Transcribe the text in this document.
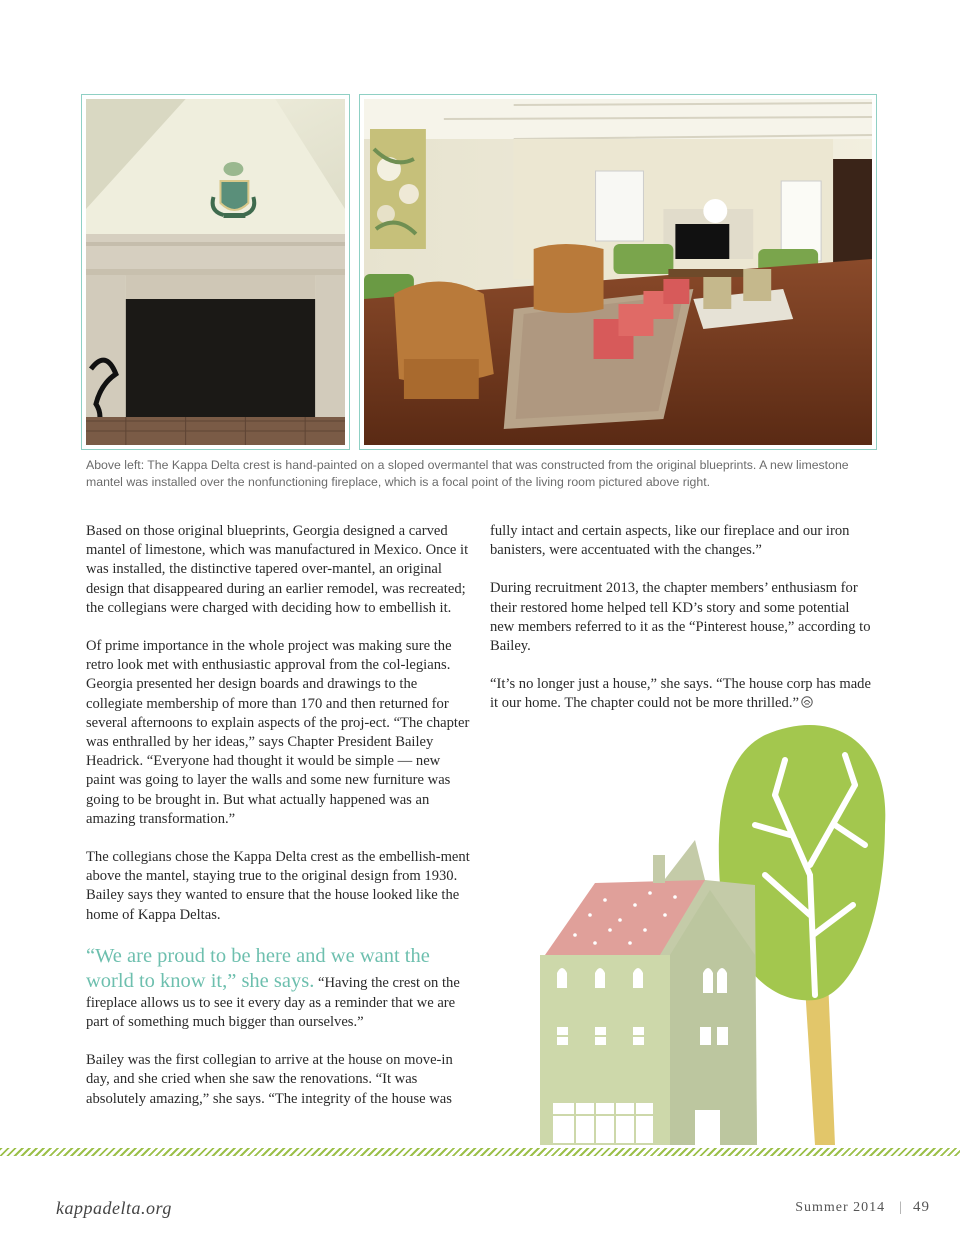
Above left: The Kappa Delta crest is hand-painted on a sloped overmantel that was constructed from the original blueprints. A new limestone mantel was installed over the nonfunctioning fireplace, which is a focal point of the living room pictured above right.

Based on those original blueprints, Georgia designed a carved mantel of limestone, which was manufactured in Mexico. Once it was installed, the distinctive tapered over-mantel, an original design that disappeared during an earlier remodel, was recreated; the collegians were charged with deciding how to embellish it.

Of prime importance in the whole project was making sure the retro look met with enthusiastic approval from the col-legians. Georgia presented her design boards and drawings to the collegiate membership of more than 170 and then returned for several afternoons to explain aspects of the proj-ect. “The chapter was enthralled by her ideas,” says Chapter President Bailey Headrick. “Everyone had thought it would be simple — new paint was going to layer the walls and some new furniture was going to be brought in. But what actually happened was an amazing transformation.”

The collegians chose the Kappa Delta crest as the embellish-ment above the mantel, staying true to the original design from 1930. Bailey says they wanted to ensure that the house looked like the home of Kappa Deltas.

“We are proud to be here and we want the world to know it,” she says. “Having the crest on the fireplace allows us to see it every day as a reminder that we are part of something much bigger than ourselves.”

Bailey was the first collegian to arrive at the house on move-in day, and she cried when she saw the renovations. “It was absolutely amazing,” she says. “The integrity of the house was

fully intact and certain aspects, like our fireplace and our iron banisters, were accentuated with the changes.”

During recruitment 2013, the chapter members’ enthusiasm for their restored home helped tell KD’s story and some potential new members referred to it as the “Pinterest house,” according to Bailey.

“It’s no longer just a house,” she says. “The house corp has made it our home. The chapter could not be more thrilled.”

kappadelta.org	Summer 2014 | 49
